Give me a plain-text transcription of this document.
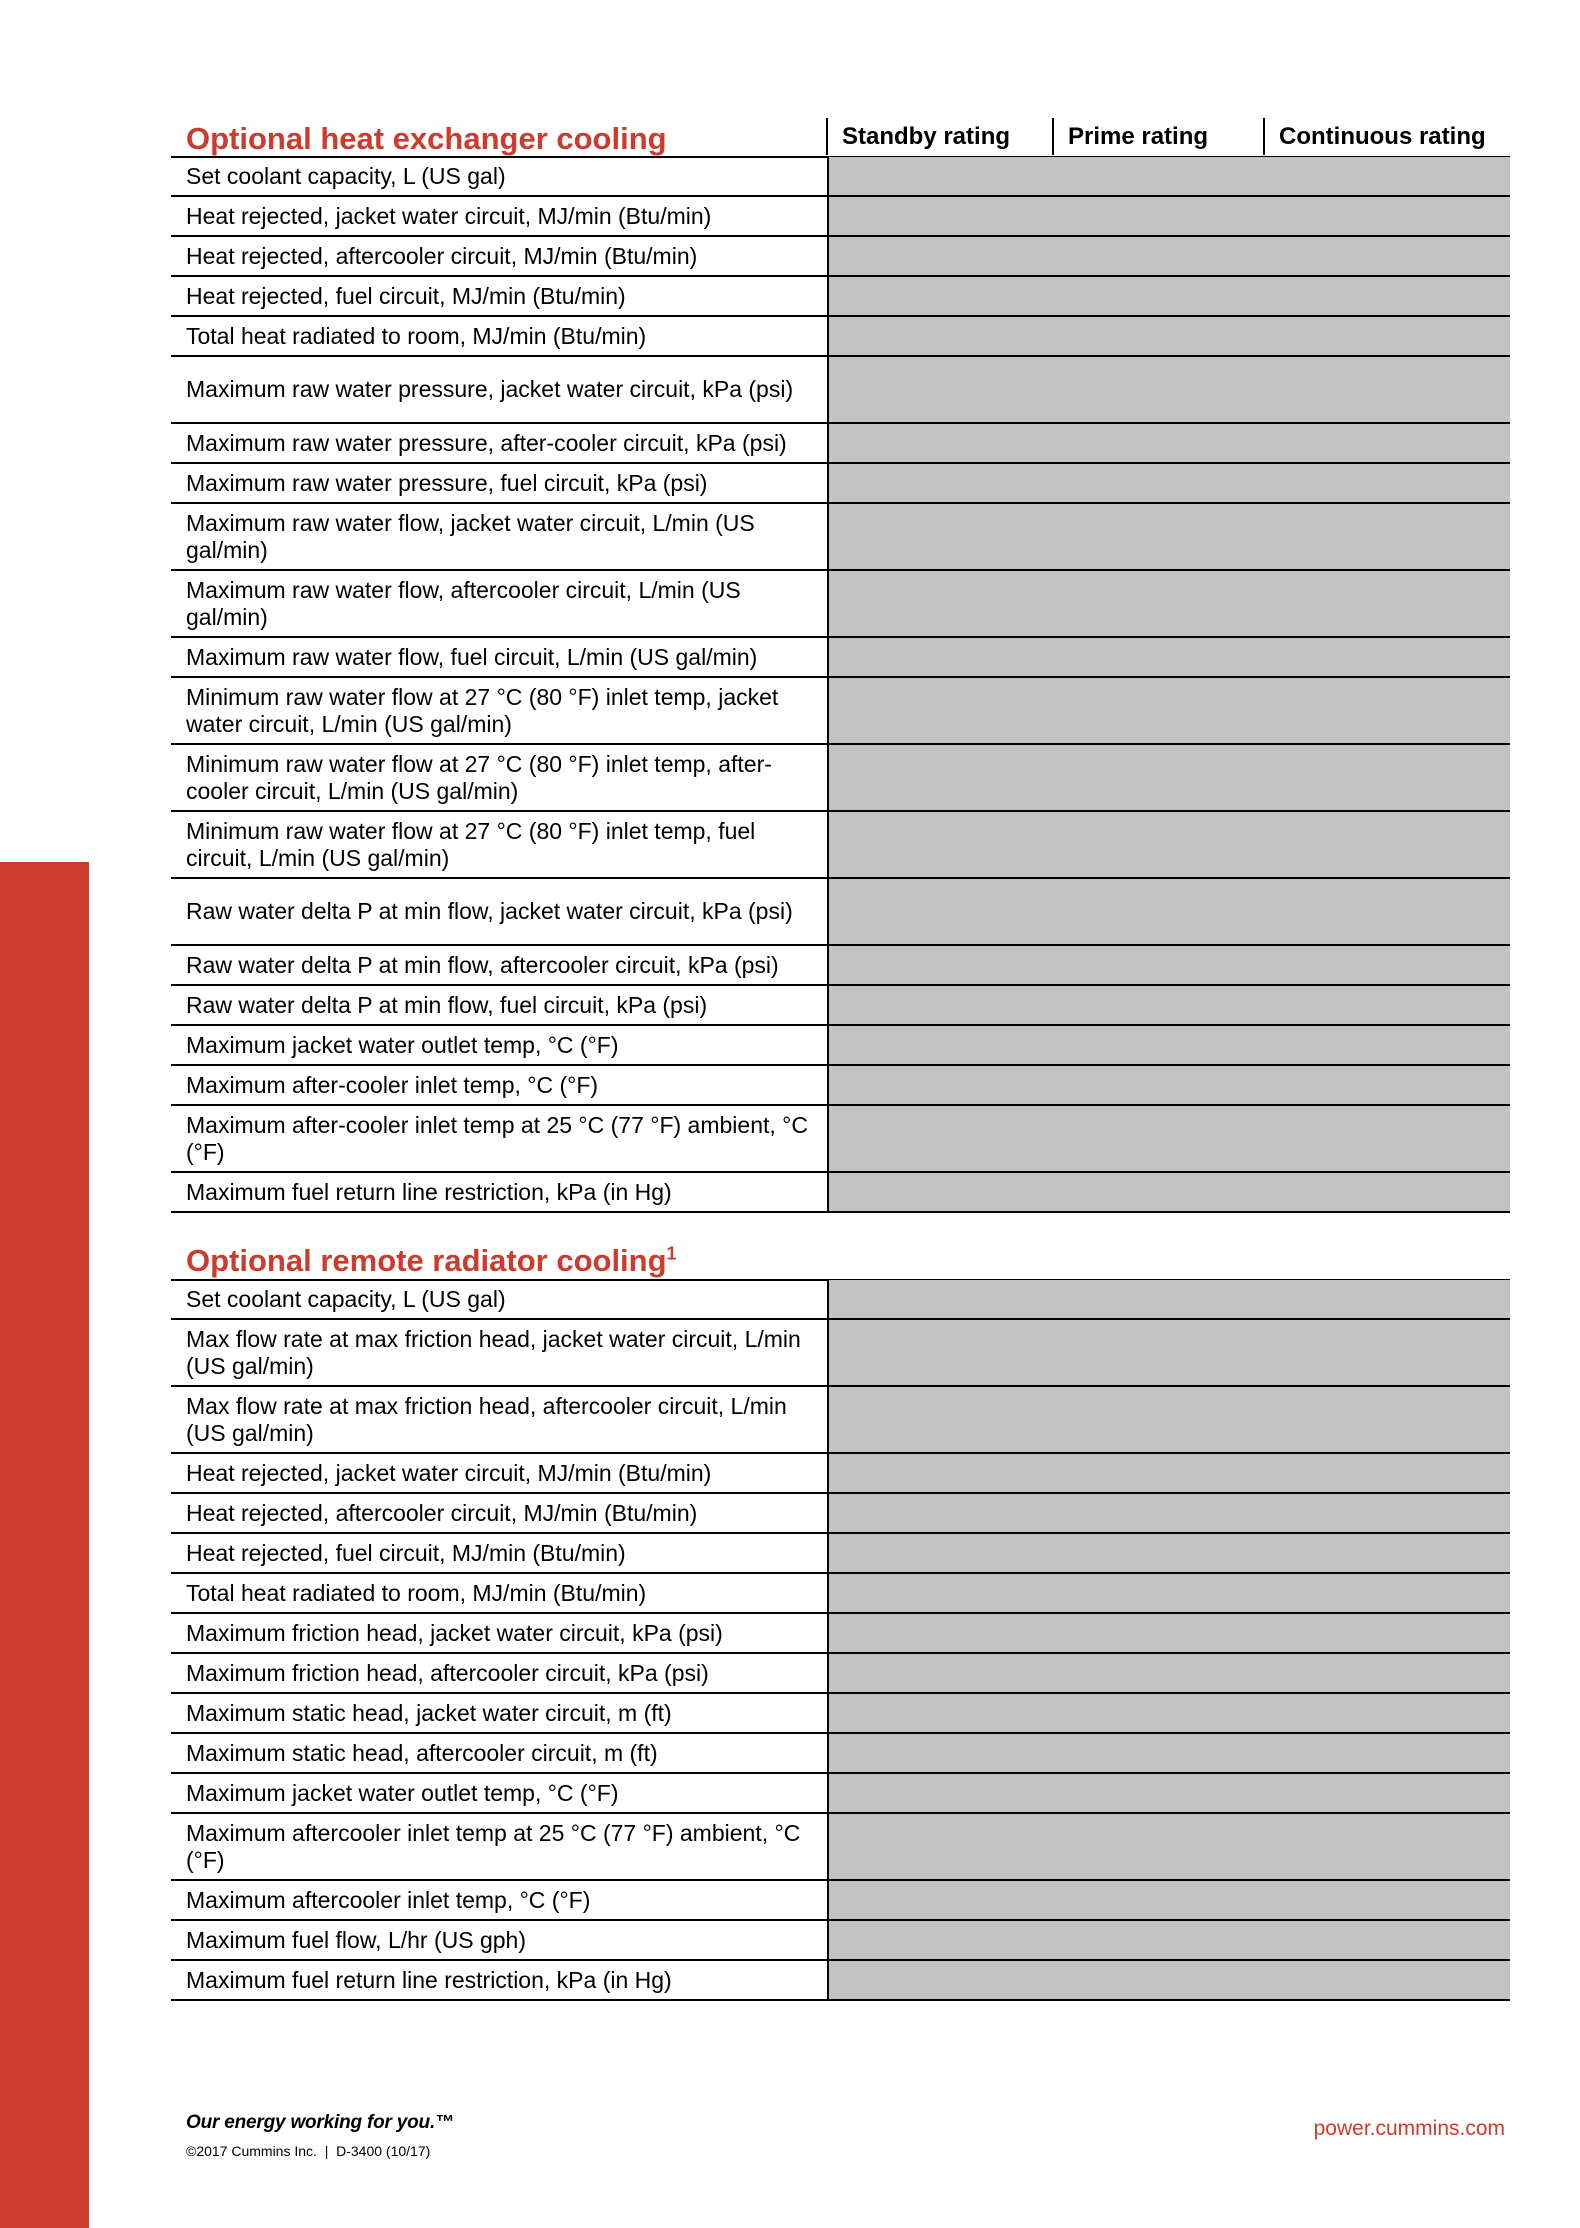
Optional heat exchanger cooling	Standby rating	Prime rating	Continuous rating
Set coolant capacity, L (US gal)	
Heat rejected, jacket water circuit, MJ/min (Btu/min)	
Heat rejected, aftercooler circuit, MJ/min (Btu/min)	
Heat rejected, fuel circuit, MJ/min (Btu/min)	
Total heat radiated to room, MJ/min (Btu/min)	
Maximum raw water pressure, jacket water circuit, kPa (psi)	
Maximum raw water pressure, after-cooler circuit, kPa (psi)	
Maximum raw water pressure, fuel circuit, kPa (psi)	
Maximum raw water flow, jacket water circuit, L/min (US gal/min)	
Maximum raw water flow, aftercooler circuit, L/min (US gal/min)	
Maximum raw water flow, fuel circuit, L/min (US gal/min)	
Minimum raw water flow at 27 °C (80 °F) inlet temp, jacket water circuit, L/min (US gal/min)	
Minimum raw water flow at 27 °C (80 °F) inlet temp, after-cooler circuit, L/min (US gal/min)	
Minimum raw water flow at 27 °C (80 °F) inlet temp, fuel circuit, L/min (US gal/min)	
Raw water delta P at min flow, jacket water circuit, kPa (psi)	
Raw water delta P at min flow, aftercooler circuit, kPa (psi)	
Raw water delta P at min flow, fuel circuit, kPa (psi)	
Maximum jacket water outlet temp, °C (°F)	
Maximum after-cooler inlet temp, °C (°F)	
Maximum after-cooler inlet temp at 25 °C (77 °F) ambient, °C (°F)	
Maximum fuel return line restriction, kPa (in Hg)	
Optional remote radiator cooling$^1$
Set coolant capacity, L (US gal)	
Max flow rate at max friction head, jacket water circuit, L/min (US gal/min)	
Max flow rate at max friction head, aftercooler circuit, L/min (US gal/min)	
Heat rejected, jacket water circuit, MJ/min (Btu/min)	
Heat rejected, aftercooler circuit, MJ/min (Btu/min)	
Heat rejected, fuel circuit, MJ/min (Btu/min)	
Total heat radiated to room, MJ/min (Btu/min)	
Maximum friction head, jacket water circuit, kPa (psi)	
Maximum friction head, aftercooler circuit, kPa (psi)	
Maximum static head, jacket water circuit, m (ft)	
Maximum static head, aftercooler circuit, m (ft)	
Maximum jacket water outlet temp, °C (°F)	
Maximum aftercooler inlet temp at 25 °C (77 °F) ambient, °C (°F)	
Maximum aftercooler inlet temp, °C (°F)	
Maximum fuel flow, L/hr (US gph)	
Maximum fuel return line restriction, kPa (in Hg)	
Our energy working for you.™
©2017 Cummins Inc.  |  D-3400 (10/17)
power.cummins.com
